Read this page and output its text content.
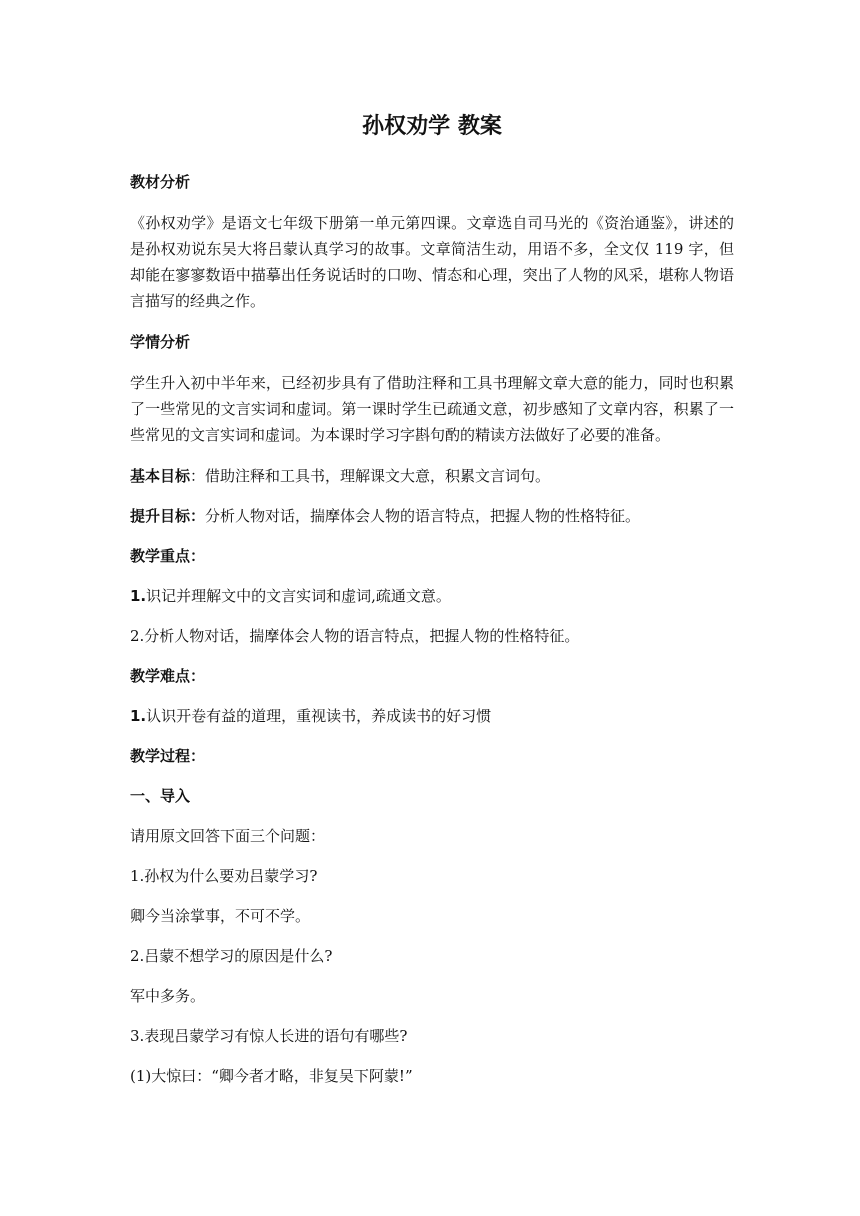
孙权劝学 教案
教材分析
《孙权劝学》是语文七年级下册第一单元第四课。文章选自司马光的《资治通鉴》，讲述的是孙权劝说东吴大将吕蒙认真学习的故事。文章简洁生动，用语不多，全文仅 119 字，但却能在寥寥数语中描摹出任务说话时的口吻、情态和心理，突出了人物的风采，堪称人物语言描写的经典之作。
学情分析
学生升入初中半年来，已经初步具有了借助注释和工具书理解文章大意的能力，同时也积累了一些常见的文言实词和虚词。第一课时学生已疏通文意，初步感知了文章内容，积累了一些常见的文言实词和虚词。为本课时学习字斟句酌的精读方法做好了必要的准备。
基本目标：借助注释和工具书，理解课文大意，积累文言词句。
提升目标：分析人物对话，揣摩体会人物的语言特点，把握人物的性格特征。
教学重点：
1.识记并理解文中的文言实词和虚词,疏通文意。
2.分析人物对话，揣摩体会人物的语言特点，把握人物的性格特征。
教学难点：
1.认识开卷有益的道理，重视读书，养成读书的好习惯
教学过程：
一、导入
请用原文回答下面三个问题：
1.孙权为什么要劝吕蒙学习?
卿今当涂掌事，不可不学。
2.吕蒙不想学习的原因是什么?
军中多务。
3.表现吕蒙学习有惊人长进的语句有哪些?
(1)大惊曰：“卿今者才略，非复吴下阿蒙!”
